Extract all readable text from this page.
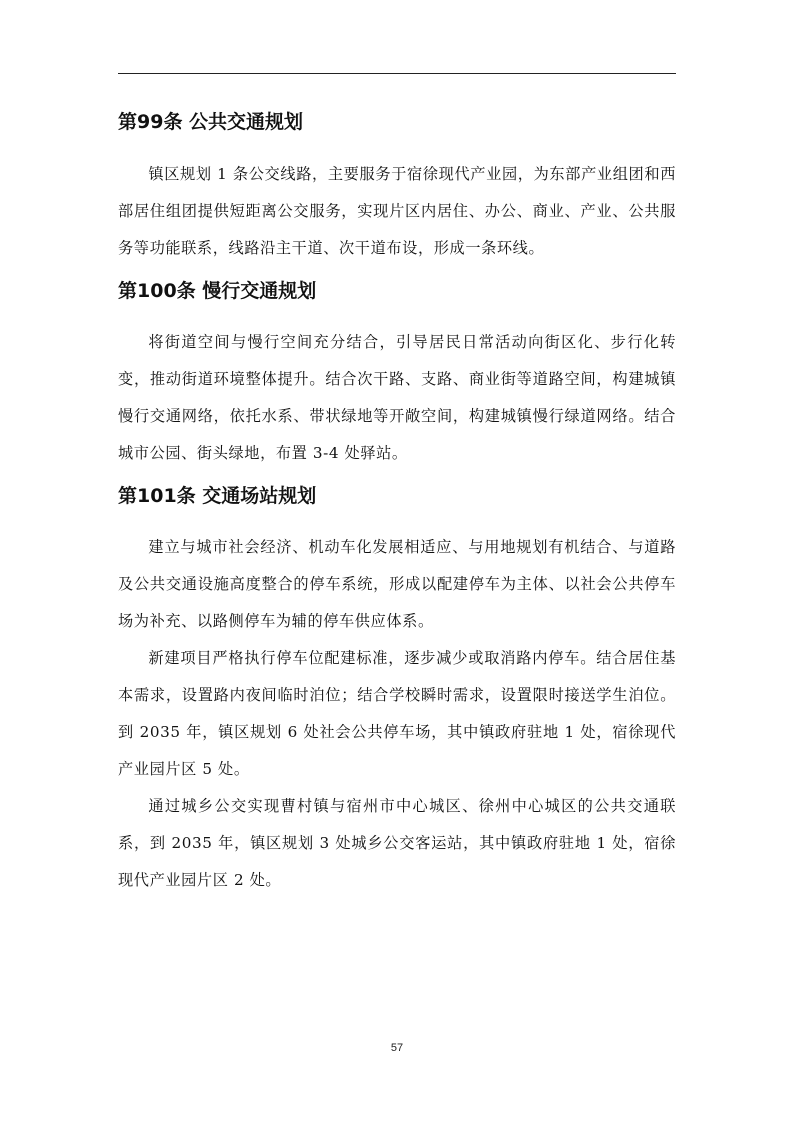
第99条 公共交通规划

镇区规划 1 条公交线路，主要服务于宿徐现代产业园，为东部产业组团和西部居住组团提供短距离公交服务，实现片区内居住、办公、商业、产业、公共服务等功能联系，线路沿主干道、次干道布设，形成一条环线。

第100条 慢行交通规划

将街道空间与慢行空间充分结合，引导居民日常活动向街区化、步行化转变，推动街道环境整体提升。结合次干路、支路、商业街等道路空间，构建城镇慢行交通网络，依托水系、带状绿地等开敞空间，构建城镇慢行绿道网络。结合城市公园、街头绿地，布置 3-4 处驿站。

第101条 交通场站规划

建立与城市社会经济、机动车化发展相适应、与用地规划有机结合、与道路及公共交通设施高度整合的停车系统，形成以配建停车为主体、以社会公共停车场为补充、以路侧停车为辅的停车供应体系。

新建项目严格执行停车位配建标准，逐步减少或取消路内停车。结合居住基本需求，设置路内夜间临时泊位；结合学校瞬时需求，设置限时接送学生泊位。到 2035 年，镇区规划 6 处社会公共停车场，其中镇政府驻地 1 处，宿徐现代产业园片区 5 处。

通过城乡公交实现曹村镇与宿州市中心城区、徐州中心城区的公共交通联系，到 2035 年，镇区规划 3 处城乡公交客运站，其中镇政府驻地 1 处，宿徐现代产业园片区 2 处。

57
